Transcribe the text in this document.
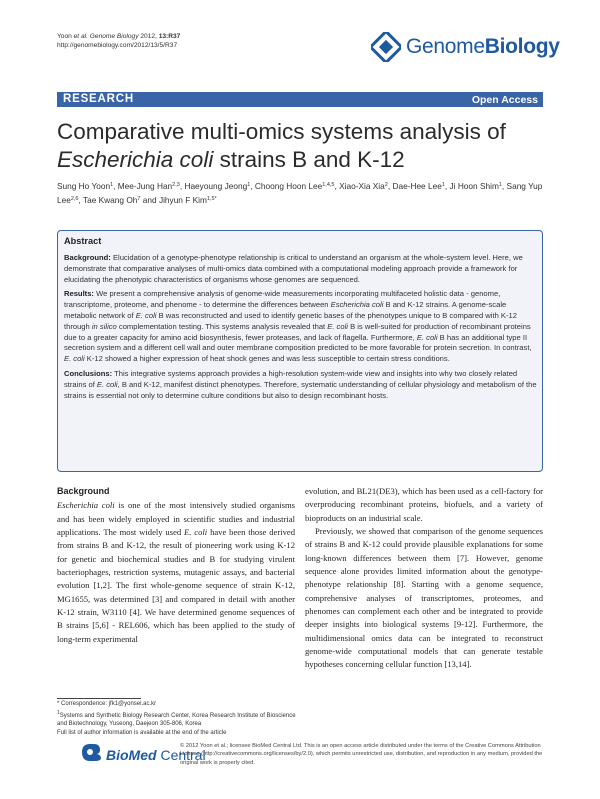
Yoon et al. Genome Biology 2012, 13:R37
http://genomebiology.com/2012/13/5/R37	GenomeBiology
RESEARCH	Open Access
Comparative multi-omics systems analysis of
Escherichia coli strains B and K-12
Sung Ho Yoon$^1$, Mee-Jung Han$^{2,3}$, Haeyoung Jeong$^1$, Choong Hoon Lee$^{1,4,5}$, Xiao-Xia Xia$^2$, Dae-Hee Lee$^1$, Ji Hoon Shim$^1$, Sang Yup Lee$^{2,6}$, Tae Kwang Oh$^7$ and Jihyun F Kim$^{1,5*}$
Abstract

Background: Elucidation of a genotype-phenotype relationship is critical to understand an organism at the whole-system level. Here, we demonstrate that comparative analyses of multi-omics data combined with a computational modeling approach provide a framework for elucidating the phenotypic characteristics of organisms whose genomes are sequenced.

Results: We present a comprehensive analysis of genome-wide measurements incorporating multifaceted holistic data - genome, transcriptome, proteome, and phenome - to determine the differences between Escherichia coli B and K-12 strains. A genome-scale metabolic network of E. coli B was reconstructed and used to identify genetic bases of the phenotypes unique to B compared with K-12 through in silico complementation testing. This systems analysis revealed that E. coli B is well-suited for production of recombinant proteins due to a greater capacity for amino acid biosynthesis, fewer proteases, and lack of flagella. Furthermore, E. coli B has an additional type II secretion system and a different cell wall and outer membrane composition predicted to be more favorable for protein secretion. In contrast, E. coli K-12 showed a higher expression of heat shock genes and was less susceptible to certain stress conditions.

Conclusions: This integrative systems approach provides a high-resolution system-wide view and insights into why two closely related strains of E. coli, B and K-12, manifest distinct phenotypes. Therefore, systematic understanding of cellular physiology and metabolism of the strains is essential not only to determine culture conditions but also to design recombinant hosts.

Background

Escherichia coli is one of the most intensively studied organisms and has been widely employed in scientific studies and industrial applications. The most widely used E. coli have been those derived from strains B and K-12, the result of pioneering work using K-12 for genetic and biochemical studies and B for studying virulent bacteriophages, restriction systems, mutagenic assays, and bacterial evolution [1,2]. The first whole-genome sequence of strain K-12, MG1655, was determined [3] and compared in detail with another K-12 strain, W3110 [4]. We have determined genome sequences of B strains [5,6] - REL606, which has been applied to the study of long-term experimental

evolution, and BL21(DE3), which has been used as a cell-factory for overproducing recombinant proteins, biofuels, and a variety of bioproducts on an industrial scale.

Previously, we showed that comparison of the genome sequences of strains B and K-12 could provide plausible explanations for some long-known differences between them [7]. However, genome sequence alone provides limited information about the genotype-phenotype relationship [8]. Starting with a genome sequence, comprehensive analyses of transcriptomes, proteomes, and phenomes can complement each other and be integrated to provide deeper insights into biological systems [9-12]. Furthermore, the multidimensional omics data can be integrated to reconstruct genome-wide computational models that can generate testable hypotheses concerning cellular function [13,14].

* Correspondence: jfk1@yonsei.ac.kr

$^1$Systems and Synthetic Biology Research Center, Korea Research Institute of Bioscience and Biotechnology, Yuseong, Daejeon 305-806, Korea

Full list of author information is available at the end of the article

BioMed Central
© 2012 Yoon et al.; licensee BioMed Central Ltd. This is an open access article distributed under the terms of the Creative Commons Attribution License (http://creativecommons.org/licenses/by/2.0), which permits unrestricted use, distribution, and reproduction in any medium, provided the original work is properly cited.
